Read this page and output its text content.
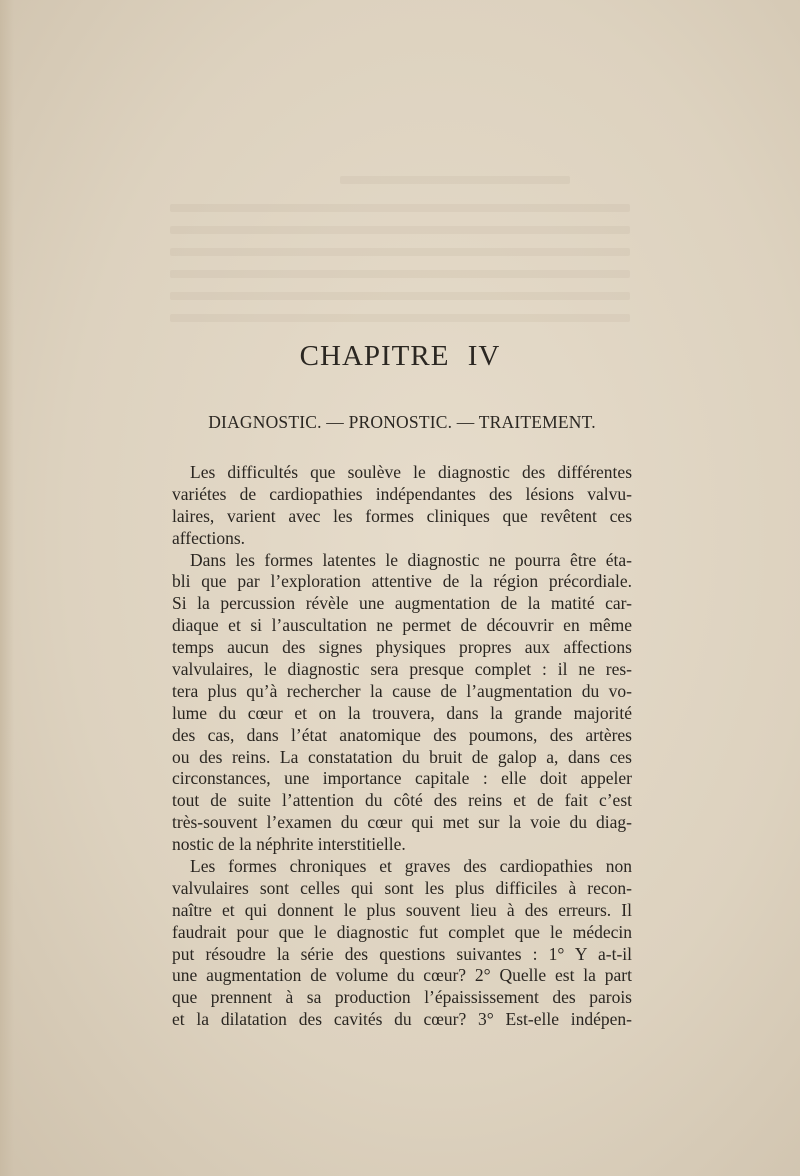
CHAPITRE IV
DIAGNOSTIC. — PRONOSTIC. — TRAITEMENT.

Les difficultés que soulève le diagnostic des différentes
variétes de cardiopathies indépendantes des lésions valvu-
laires, varient avec les formes cliniques que revêtent ces
affections.

Dans les formes latentes le diagnostic ne pourra être éta-
bli que par l’exploration attentive de la région précordiale.
Si la percussion révèle une augmentation de la matité car-
diaque et si l’auscultation ne permet de découvrir en même
temps aucun des signes physiques propres aux affections
valvulaires, le diagnostic sera presque complet : il ne res-
tera plus qu’à rechercher la cause de l’augmentation du vo-
lume du cœur et on la trouvera, dans la grande majorité
des cas, dans l’état anatomique des poumons, des artères
ou des reins. La constatation du bruit de galop a, dans ces
circonstances, une importance capitale : elle doit appeler
tout de suite l’attention du côté des reins et de fait c’est
très-souvent l’examen du cœur qui met sur la voie du diag-
nostic de la néphrite interstitielle.

Les formes chroniques et graves des cardiopathies non
valvulaires sont celles qui sont les plus difficiles à recon-
naître et qui donnent le plus souvent lieu à des erreurs. Il
faudrait pour que le diagnostic fut complet que le médecin
put résoudre la série des questions suivantes : 1° Y a-t-il
une augmentation de volume du cœur? 2° Quelle est la part
que prennent à sa production l’épaississement des parois
et la dilatation des cavités du cœur? 3° Est-elle indépen-
